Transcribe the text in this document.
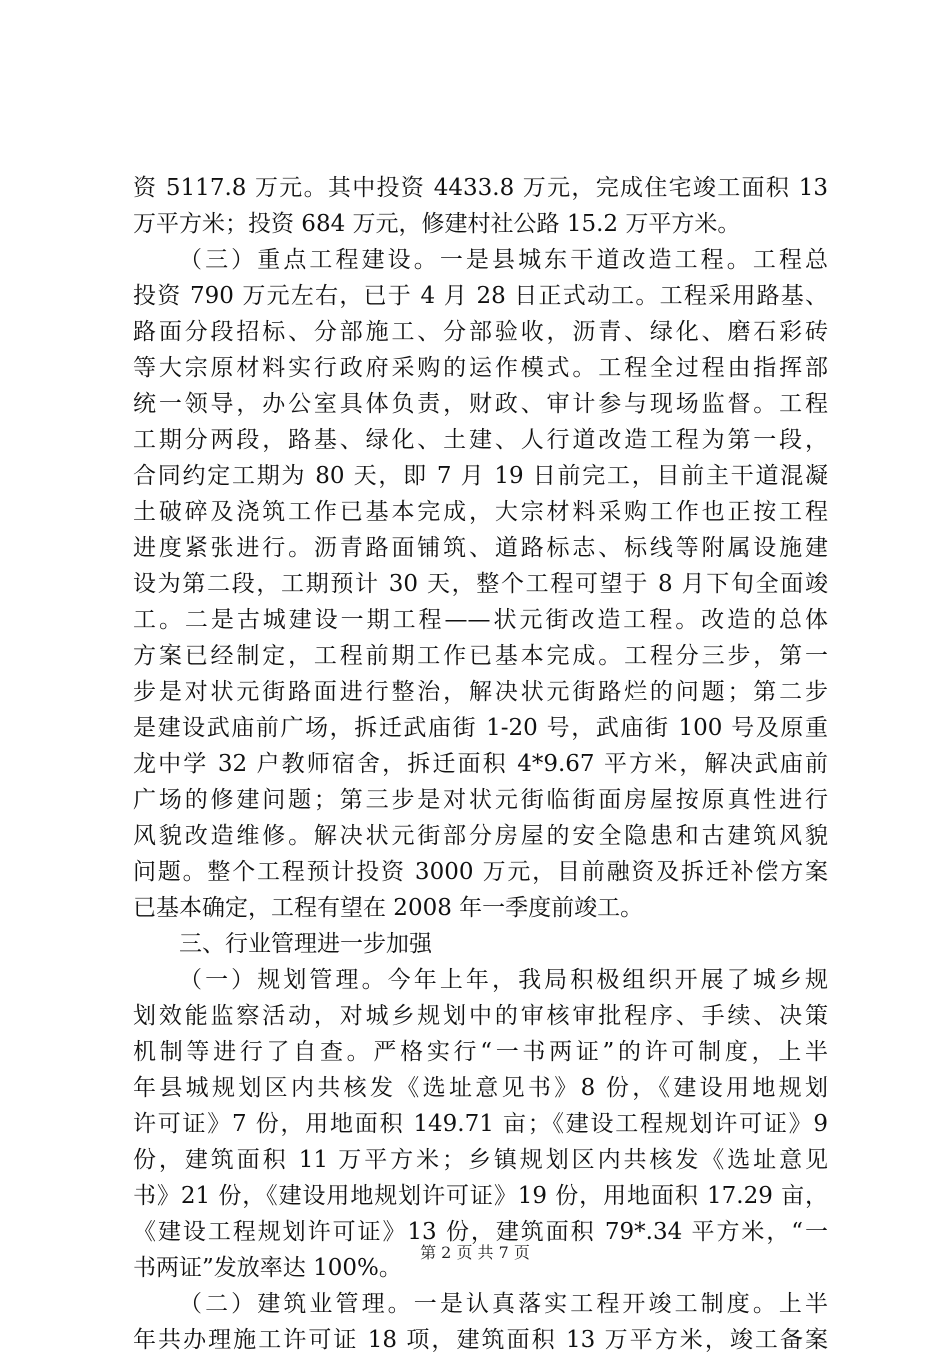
资 5117.8 万元。其中投资 4433.8 万元，完成住宅竣工面积 13
万平方米；投资 684 万元，修建村社公路 15.2 万平方米。
（三）重点工程建设。一是县城东干道改造工程。工程总
投资 790 万元左右，已于 4 月 28 日正式动工。工程采用路基、
路面分段招标、分部施工、分部验收，沥青、绿化、磨石彩砖
等大宗原材料实行政府采购的运作模式。工程全过程由指挥部
统一领导，办公室具体负责，财政、审计参与现场监督。工程
工期分两段，路基、绿化、土建、人行道改造工程为第一段，
合同约定工期为 80 天，即 7 月 19 日前完工，目前主干道混凝
土破碎及浇筑工作已基本完成，大宗材料采购工作也正按工程
进度紧张进行。沥青路面铺筑、道路标志、标线等附属设施建
设为第二段，工期预计 30 天，整个工程可望于 8 月下旬全面竣
工。二是古城建设一期工程——状元街改造工程。改造的总体
方案已经制定，工程前期工作已基本完成。工程分三步，第一
步是对状元街路面进行整治，解决状元街路烂的问题；第二步
是建设武庙前广场，拆迁武庙街 1-20 号，武庙街 100 号及原重
龙中学 32 户教师宿舍，拆迁面积 4*9.67 平方米，解决武庙前
广场的修建问题；第三步是对状元街临街面房屋按原真性进行
风貌改造维修。解决状元街部分房屋的安全隐患和古建筑风貌
问题。整个工程预计投资 3000 万元，目前融资及拆迁补偿方案
已基本确定，工程有望在 2008 年一季度前竣工。
三、行业管理进一步加强
（一）规划管理。今年上年，我局积极组织开展了城乡规
划效能监察活动，对城乡规划中的审核审批程序、手续、决策
机制等进行了自查。严格实行“一书两证”的许可制度，上半
年县城规划区内共核发《选址意见书》8 份，《建设用地规划
许可证》7 份，用地面积 149.71 亩；《建设工程规划许可证》9
份，建筑面积 11 万平方米；乡镇规划区内共核发《选址意见
书》21 份，《建设用地规划许可证》19 份，用地面积 17.29 亩，
《建设工程规划许可证》13 份，建筑面积 79*.34 平方米，“一
书两证”发放率达 100%。
（二）建筑业管理。一是认真落实工程开竣工制度。上半
年共办理施工许可证 18 项，建筑面积 13 万平方米，竣工备案
第 2 页 共 7 页
